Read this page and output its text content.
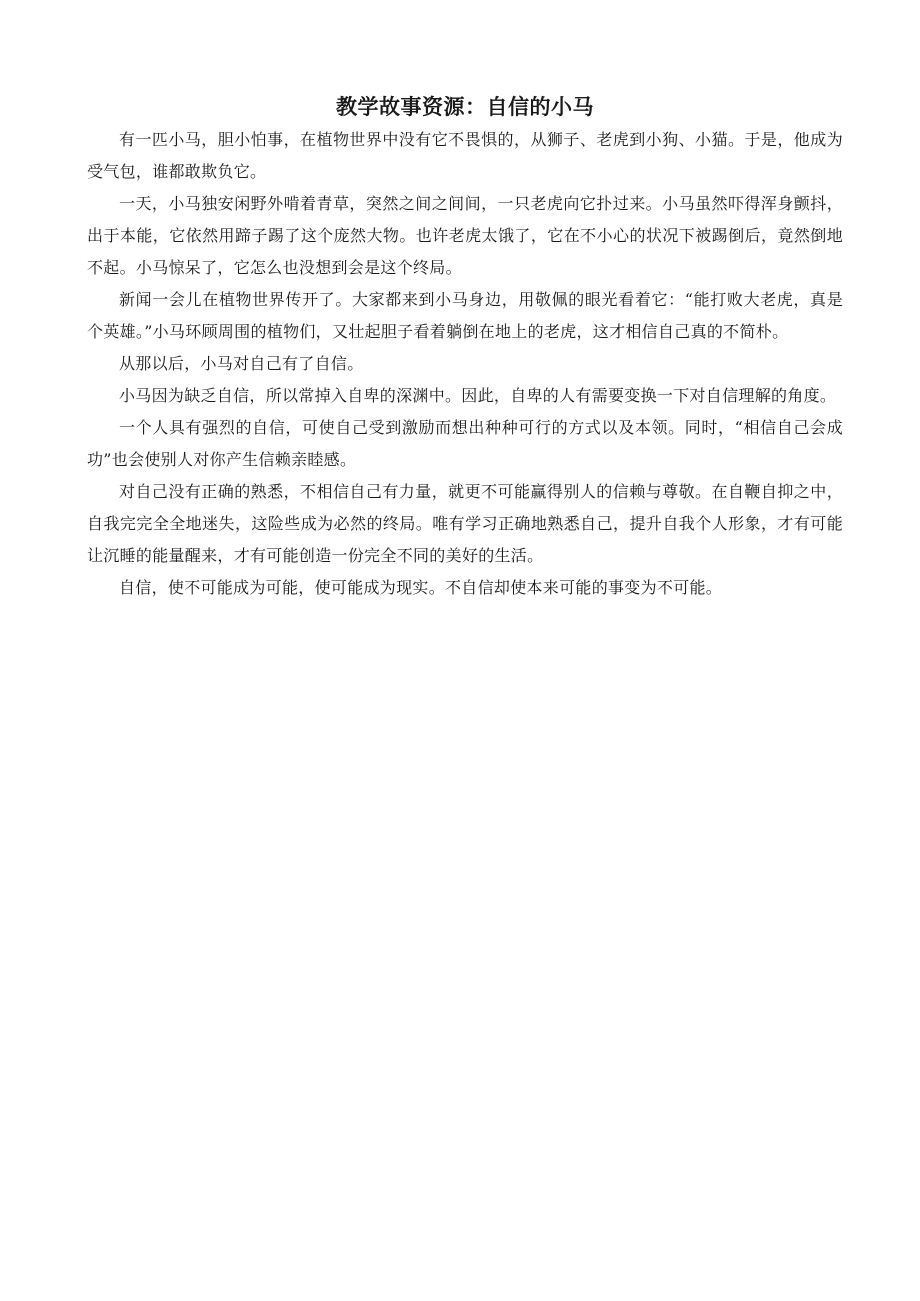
教学故事资源：自信的小马

有一匹小马，胆小怕事，在植物世界中没有它不畏惧的，从狮子、老虎到小狗、小猫。于是，他成为受气包，谁都敢欺负它。

一天，小马独安闲野外啃着青草，突然之间之间间，一只老虎向它扑过来。小马虽然吓得浑身颤抖，出于本能，它依然用蹄子踢了这个庞然大物。也许老虎太饿了，它在不小心的状况下被踢倒后，竟然倒地不起。小马惊呆了，它怎么也没想到会是这个终局。

新闻一会儿在植物世界传开了。大家都来到小马身边，用敬佩的眼光看着它：“能打败大老虎，真是个英雄。”小马环顾周围的植物们，又壮起胆子看着躺倒在地上的老虎，这才相信自己真的不简朴。

从那以后，小马对自己有了自信。

小马因为缺乏自信，所以常掉入自卑的深渊中。因此，自卑的人有需要变换一下对自信理解的角度。

一个人具有强烈的自信，可使自己受到激励而想出种种可行的方式以及本领。同时，“相信自己会成功”也会使别人对你产生信赖亲睦感。

对自己没有正确的熟悉，不相信自己有力量，就更不可能赢得别人的信赖与尊敬。在自鞭自抑之中，自我完完全全地迷失，这险些成为必然的终局。唯有学习正确地熟悉自己，提升自我个人形象，才有可能让沉睡的能量醒来，才有可能创造一份完全不同的美好的生活。

自信，使不可能成为可能，使可能成为现实。不自信却使本来可能的事变为不可能。
